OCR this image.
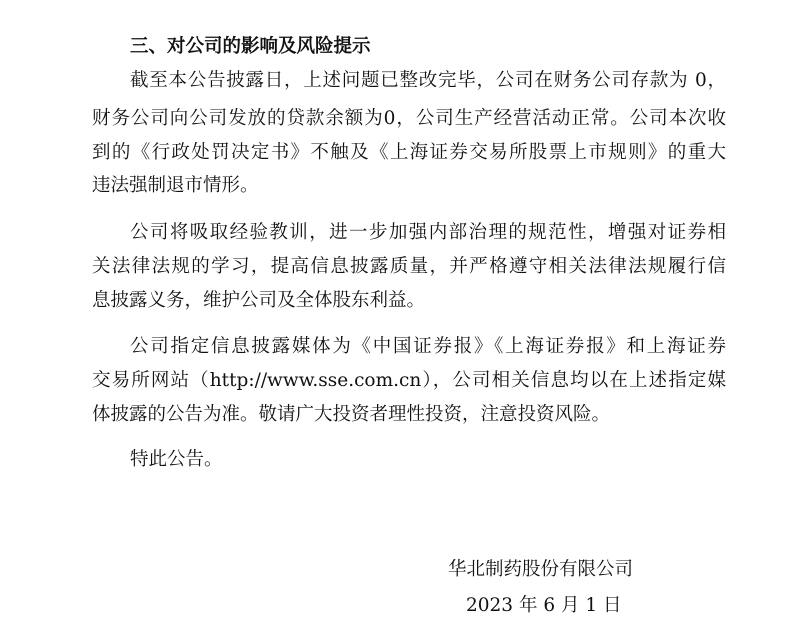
三、对公司的影响及风险提示
截至本公告披露日，上述问题已整改完毕，公司在财务公司存款为 0，
财务公司向公司发放的贷款余额为0，公司生产经营活动正常。公司本次收
到的《行政处罚决定书》不触及《上海证券交易所股票上市规则》的重大
违法强制退市情形。
公司将吸取经验教训，进一步加强内部治理的规范性，增强对证券相
关法律法规的学习，提高信息披露质量，并严格遵守相关法律法规履行信
息披露义务，维护公司及全体股东利益。
公司指定信息披露媒体为《中国证券报》《上海证券报》和上海证券
交易所网站（http://www.sse.com.cn），公司相关信息均以在上述指定媒
体披露的公告为准。敬请广大投资者理性投资，注意投资风险。
特此公告。
华北制药股份有限公司
2023 年 6 月 1 日
